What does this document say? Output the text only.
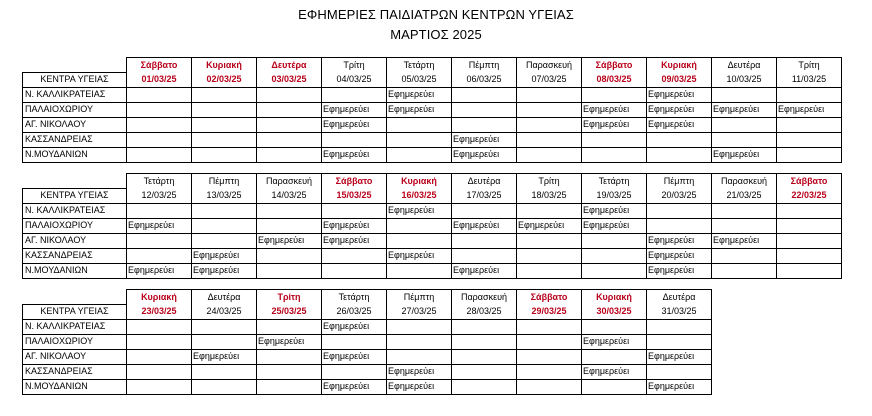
ΕΦΗΜΕΡΙΕΣ ΠΑΙΔΙΑΤΡΩΝ ΚΕΝΤΡΩΝ ΥΓΕΙΑΣ
ΜΑΡΤΙΟΣ 2025
	Σάββατο	Κυριακή	Δευτέρα	Τρίτη	Τετάρτη	Πέμπτη	Παρασκευή	Σάββατο	Κυριακή	Δευτέρα	Τρίτη
ΚΕΝΤΡΑ ΥΓΕΙΑΣ	01/03/25	02/03/25	03/03/25	04/03/25	05/03/25	06/03/25	07/03/25	08/03/25	09/03/25	10/03/25	11/03/25
Ν. ΚΑΛΛΙΚΡΑΤΕΙΑΣ					Εφημερεύει				Εφημερεύει		
ΠΑΛΑΙΟΧΩΡΙΟΥ				Εφημερεύει	Εφημερεύει			Εφημερεύει	Εφημερεύει	Εφημερεύει	Εφημερεύει
ΑΓ. ΝΙΚΟΛΑΟΥ				Εφημερεύει				Εφημερεύει	Εφημερεύει		
ΚΑΣΣΑΝΔΡΕΙΑΣ						Εφημερεύει					
Ν.ΜΟΥΔΑΝΙΩΝ				Εφημερεύει		Εφημερεύει				Εφημερεύει	
	Τετάρτη	Πέμπτη	Παρασκευή	Σάββατο	Κυριακή	Δευτέρα	Τρίτη	Τετάρτη	Πέμπτη	Παρασκευή	Σάββατο
ΚΕΝΤΡΑ ΥΓΕΙΑΣ	12/03/25	13/03/25	14/03/25	15/03/25	16/03/25	17/03/25	18/03/25	19/03/25	20/03/25	21/03/25	22/03/25
Ν. ΚΑΛΛΙΚΡΑΤΕΙΑΣ					Εφημερεύει			Εφημερεύει			
ΠΑΛΑΙΟΧΩΡΙΟΥ	Εφημερεύει			Εφημερεύει		Εφημερεύει	Εφημερεύει	Εφημερεύει			
ΑΓ. ΝΙΚΟΛΑΟΥ			Εφημερεύει	Εφημερεύει					Εφημερεύει	Εφημερεύει	
ΚΑΣΣΑΝΔΡΕΙΑΣ		Εφημερεύει			Εφημερεύει				Εφημερεύει		
Ν.ΜΟΥΔΑΝΙΩΝ	Εφημερεύει	Εφημερεύει				Εφημερεύει			Εφημερεύει		
	Κυριακή	Δευτέρα	Τρίτη	Τετάρτη	Πέμπτη	Παρασκευή	Σάββατο	Κυριακή	Δευτέρα
ΚΕΝΤΡΑ ΥΓΕΙΑΣ	23/03/25	24/03/25	25/03/25	26/03/25	27/03/25	28/03/25	29/03/25	30/03/25	31/03/25
Ν. ΚΑΛΛΙΚΡΑΤΕΙΑΣ				Εφημερεύει					
ΠΑΛΑΙΟΧΩΡΙΟΥ			Εφημερεύει					Εφημερεύει	
ΑΓ. ΝΙΚΟΛΑΟΥ		Εφημερεύει		Εφημερεύει					Εφημερεύει
ΚΑΣΣΑΝΔΡΕΙΑΣ					Εφημερεύει			Εφημερεύει	
Ν.ΜΟΥΔΑΝΙΩΝ				Εφημερεύει	Εφημερεύει				Εφημερεύει
